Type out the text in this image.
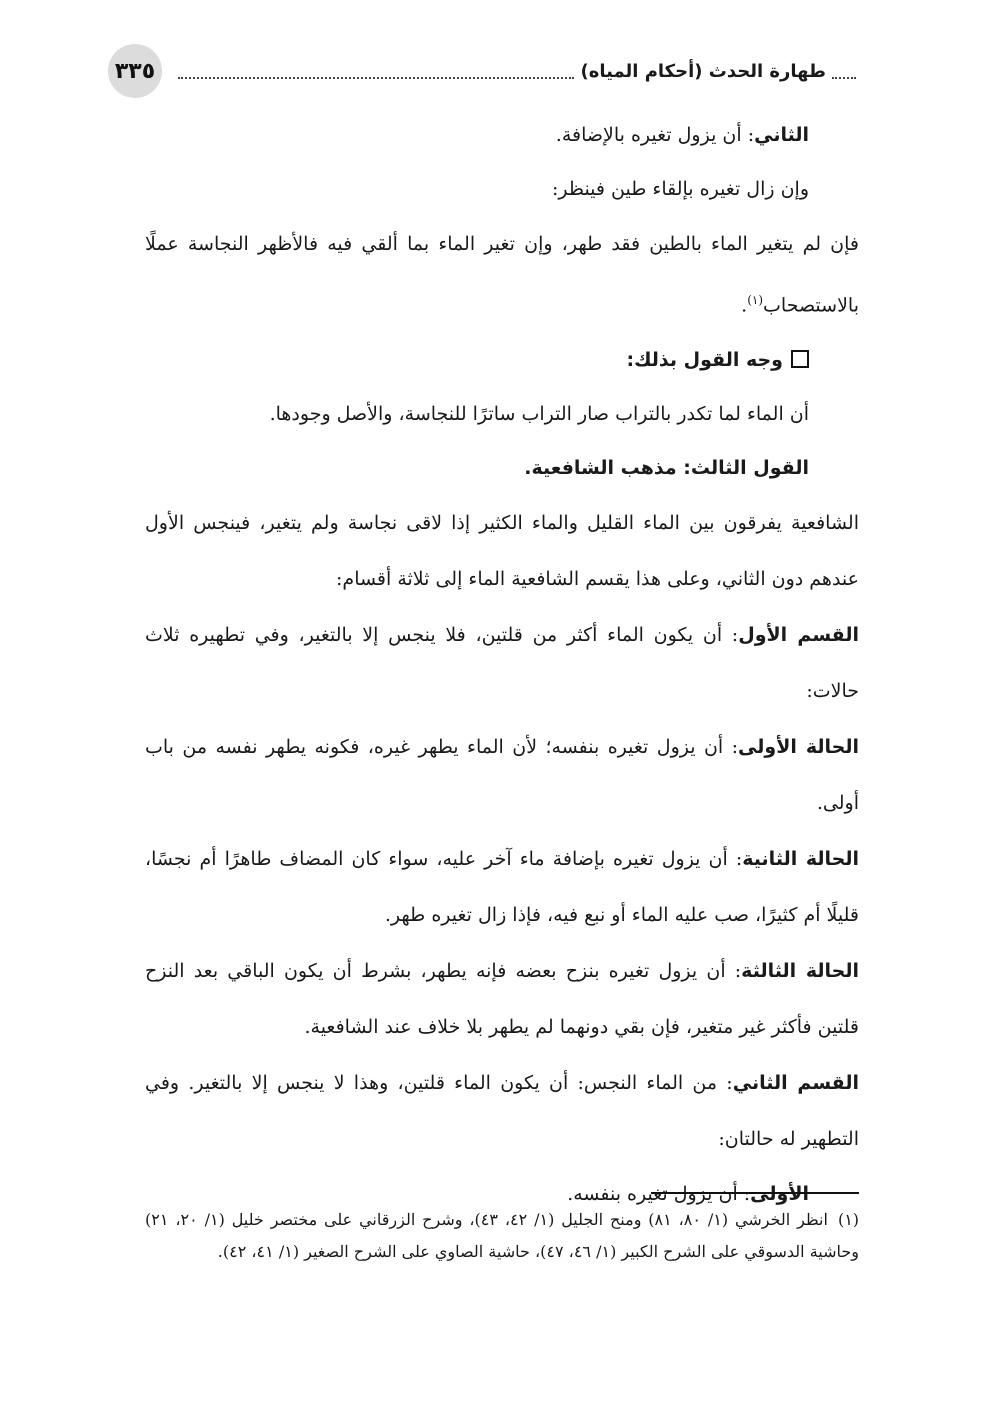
٣٣٥	طهارة الحدث (أحكام المياه)

الثاني: أن يزول تغيره بالإضافة.

وإن زال تغيره بإلقاء طين فينظر:

فإن لم يتغير الماء بالطين فقد طهر، وإن تغير الماء بما ألقي فيه فالأظهر النجاسة عملًا بالاستصحاب$^{(١)}$.

وجه القول بذلك:

أن الماء لما تكدر بالتراب صار التراب ساترًا للنجاسة، والأصل وجودها.

القول الثالث: مذهب الشافعية.

الشافعية يفرقون بين الماء القليل والماء الكثير إذا لاقى نجاسة ولم يتغير، فينجس الأول عندهم دون الثاني، وعلى هذا يقسم الشافعية الماء إلى ثلاثة أقسام:

القسم الأول: أن يكون الماء أكثر من قلتين، فلا ينجس إلا بالتغير، وفي تطهيره ثلاث حالات:

الحالة الأولى: أن يزول تغيره بنفسه؛ لأن الماء يطهر غيره، فكونه يطهر نفسه من باب أولى.

الحالة الثانية: أن يزول تغيره بإضافة ماء آخر عليه، سواء كان المضاف طاهرًا أم نجسًا، قليلًا أم كثيرًا، صب عليه الماء أو نبع فيه، فإذا زال تغيره طهر.

الحالة الثالثة: أن يزول تغيره بنزح بعضه فإنه يطهر، بشرط أن يكون الباقي بعد النزح قلتين فأكثر غير متغير، فإن بقي دونهما لم يطهر بلا خلاف عند الشافعية.

القسم الثاني: من الماء النجس: أن يكون الماء قلتين، وهذا لا ينجس إلا بالتغير. وفي التطهير له حالتان:

الأولى: أن يزول تغيره بنفسه.

(١)انظر الخرشي (١/ ٨٠، ٨١) ومنح الجليل (١/ ٤٢، ٤٣)، وشرح الزرقاني على مختصر خليل (١/ ٢٠، ٢١) وحاشية الدسوقي على الشرح الكبير (١/ ٤٦، ٤٧)، حاشية الصاوي على الشرح الصغير (١/ ٤١، ٤٢).
